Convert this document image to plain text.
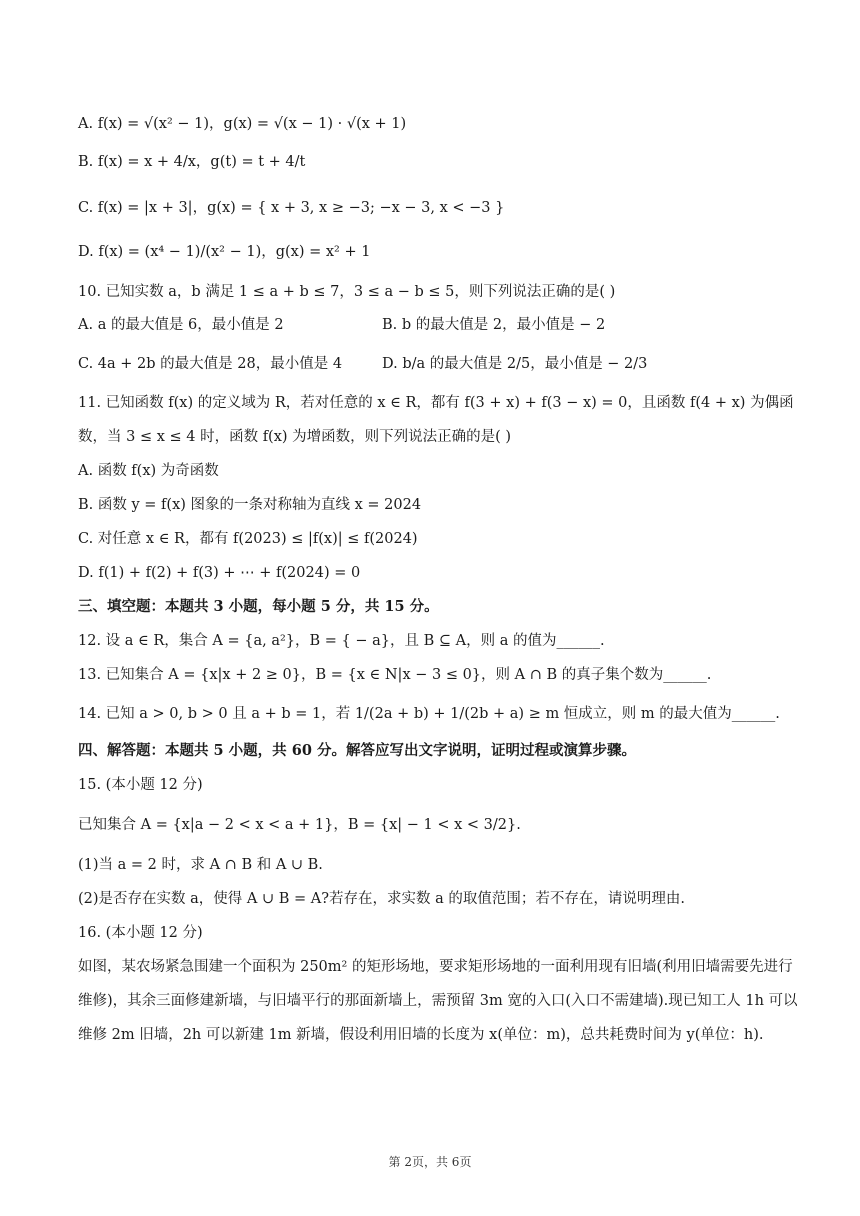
A. f(x) = √(x² − 1)，g(x) = √(x − 1) · √(x + 1)
B. f(x) = x + 4/x，g(t) = t + 4/t
C. f(x) = |x + 3|，g(x) = { x + 3, x ≥ −3; −x − 3, x < −3 }
D. f(x) = (x⁴ − 1)/(x² − 1)，g(x) = x² + 1
10. 已知实数 a，b 满足 1 ≤ a + b ≤ 7，3 ≤ a − b ≤ 5，则下列说法正确的是( )
A. a 的最大值是 6，最小值是 2	B. b 的最大值是 2，最小值是 − 2
C. 4a + 2b 的最大值是 28，最小值是 4	D. b/a 的最大值是 2/5，最小值是 − 2/3
11. 已知函数 f(x) 的定义域为 R，若对任意的 x ∈ R，都有 f(3 + x) + f(3 − x) = 0，且函数 f(4 + x) 为偶函数，当 3 ≤ x ≤ 4 时，函数 f(x) 为增函数，则下列说法正确的是( )
A. 函数 f(x) 为奇函数
B. 函数 y = f(x) 图象的一条对称轴为直线 x = 2024
C. 对任意 x ∈ R，都有 f(2023) ≤ |f(x)| ≤ f(2024)
D. f(1) + f(2) + f(3) + ⋯ + f(2024) = 0
三、填空题：本题共 3 小题，每小题 5 分，共 15 分。
12. 设 a ∈ R，集合 A = {a, a²}，B = { − a}，且 B ⊆ A，则 a 的值为______.
13. 已知集合 A = {x|x + 2 ≥ 0}，B = {x ∈ N|x − 3 ≤ 0}，则 A ∩ B 的真子集个数为______.
14. 已知 a > 0, b > 0 且 a + b = 1，若 1/(2a + b) + 1/(2b + a) ≥ m 恒成立，则 m 的最大值为______.
四、解答题：本题共 5 小题，共 60 分。解答应写出文字说明，证明过程或演算步骤。
15. (本小题 12 分)
已知集合 A = {x|a − 2 < x < a + 1}，B = {x| − 1 < x < 3/2}.
(1)当 a = 2 时，求 A ∩ B 和 A ∪ B.
(2)是否存在实数 a，使得 A ∪ B = A?若存在，求实数 a 的取值范围；若不存在，请说明理由.
16. (本小题 12 分)
如图，某农场紧急围建一个面积为 250m² 的矩形场地，要求矩形场地的一面利用现有旧墙(利用旧墙需要先进行维修)，其余三面修建新墙，与旧墙平行的那面新墙上，需预留 3m 宽的入口(入口不需建墙).现已知工人 1h 可以维修 2m 旧墙，2h 可以新建 1m 新墙，假设利用旧墙的长度为 x(单位：m)，总共耗费时间为 y(单位：h).
第 2页，共 6页
